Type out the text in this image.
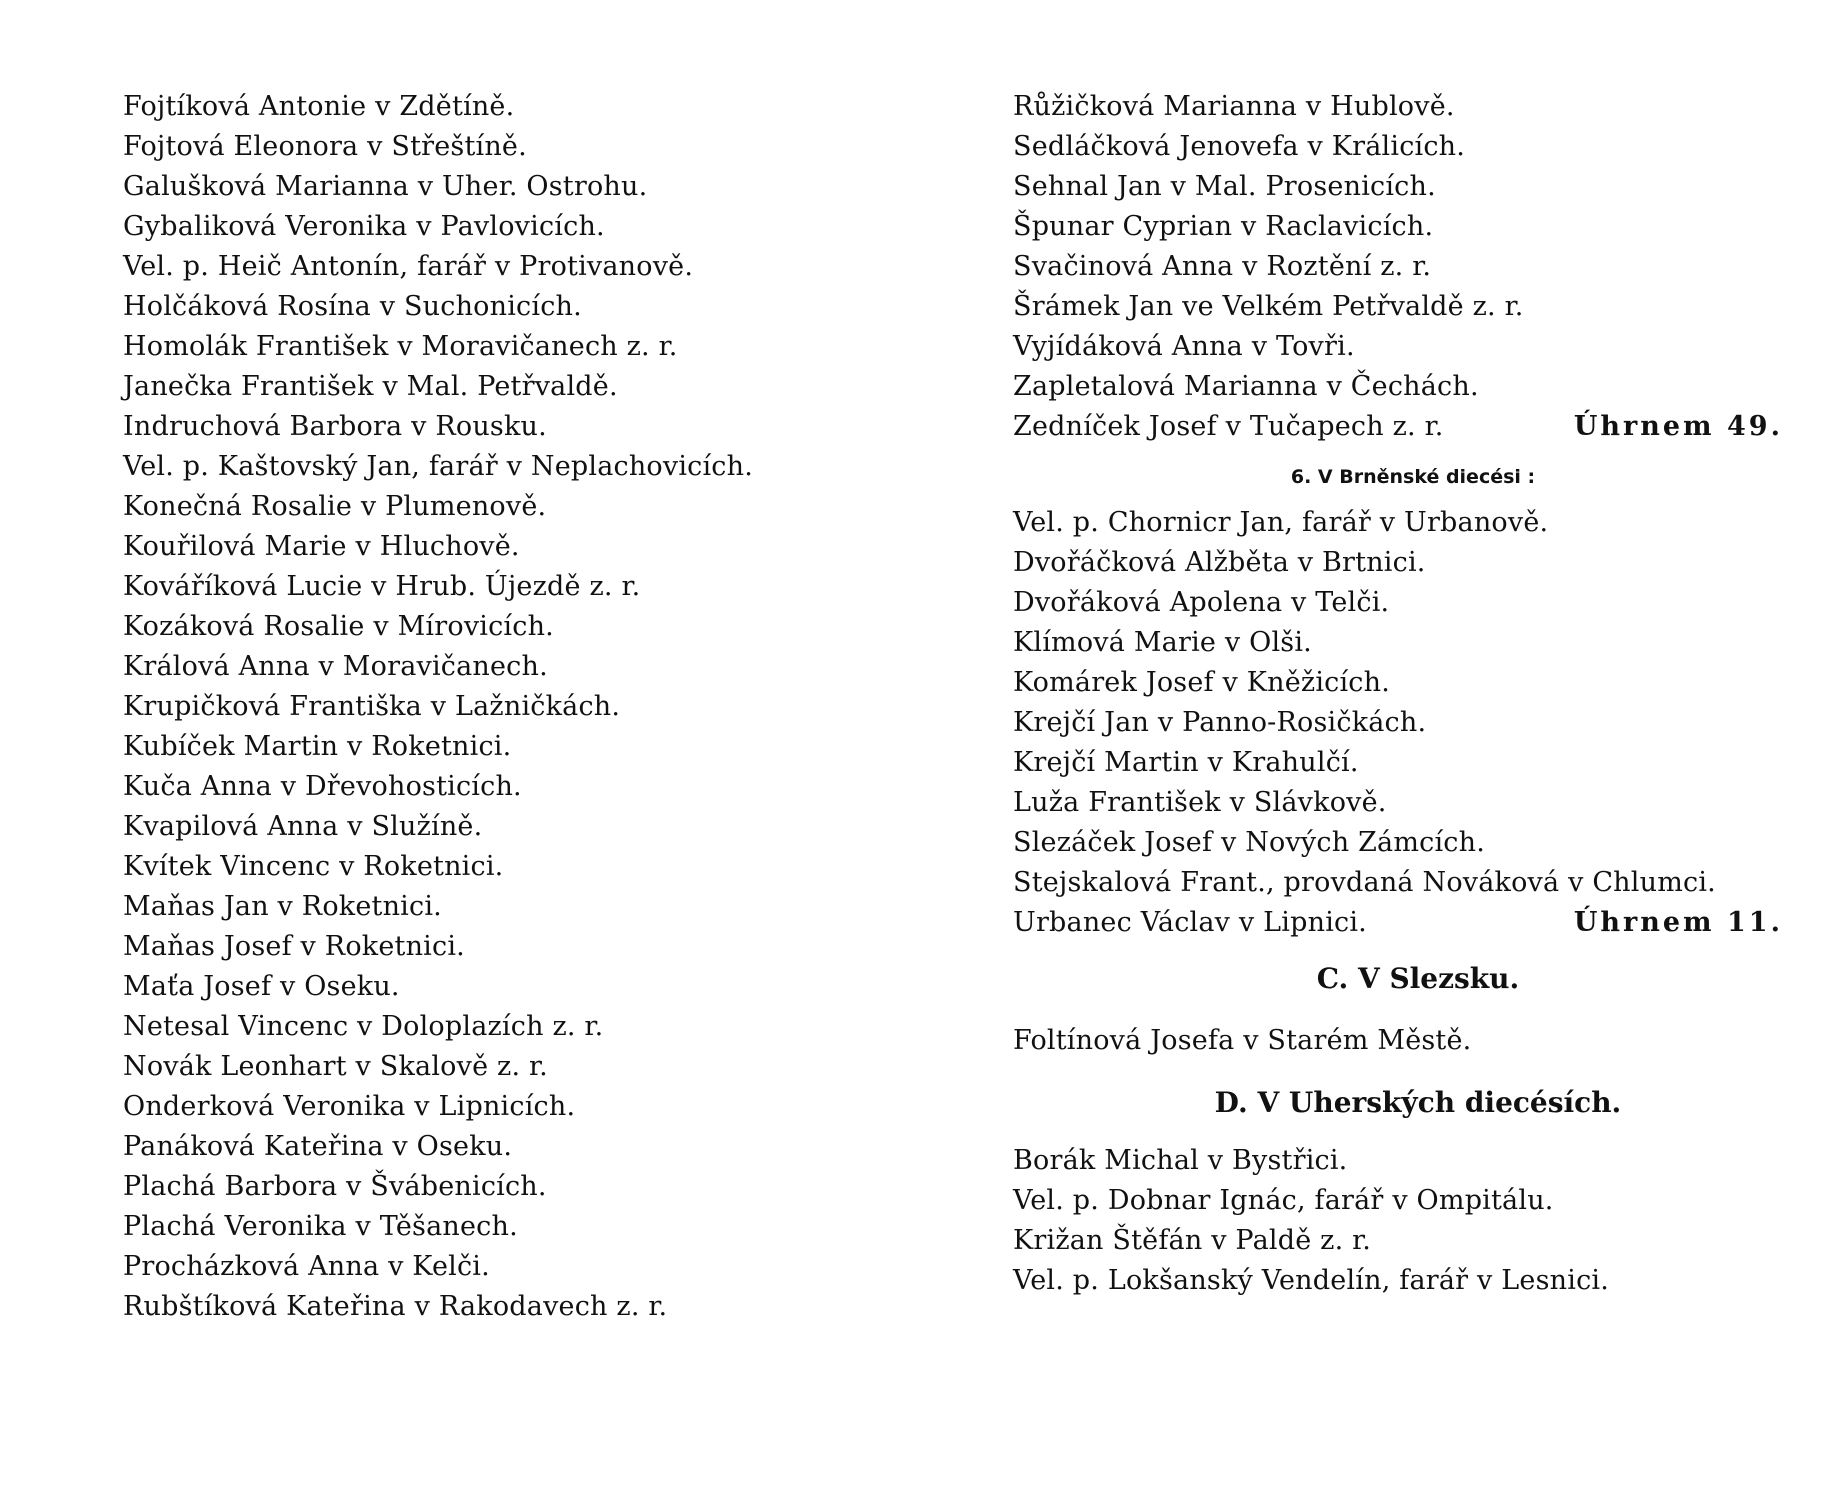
Fojtíková Antonie v Zdětíně.
Fojtová Eleonora v Střeštíně.
Galušková Marianna v Uher. Ostrohu.
Gybaliková Veronika v Pavlovicích.
Vel. p. Heič Antonín, farář v Protivanově.
Holčáková Rosína v Suchonicích.
Homolák František v Moravičanech z. r.
Janečka František v Mal. Petřvaldě.
Indruchová Barbora v Rousku.
Vel. p. Kaštovský Jan, farář v Neplachovicích.
Konečná Rosalie v Plumenově.
Kouřilová Marie v Hluchově.
Kováříková Lucie v Hrub. Újezdě z. r.
Kozáková Rosalie v Mírovicích.
Králová Anna v Moravičanech.
Krupičková Františka v Lažničkách.
Kubíček Martin v Roketnici.
Kuča Anna v Dřevohosticích.
Kvapilová Anna v Služíně.
Kvítek Vincenc v Roketnici.
Maňas Jan v Roketnici.
Maňas Josef v Roketnici.
Maťa Josef v Oseku.
Netesal Vincenc v Doloplazích z. r.
Novák Leonhart v Skalově z. r.
Onderková Veronika v Lipnicích.
Panáková Kateřina v Oseku.
Plachá Barbora v Švábenicích.
Plachá Veronika v Těšanech.
Procházková Anna v Kelči.
Rubštíková Kateřina v Rakodavech z. r.
Růžičková Marianna v Hublově.
Sedláčková Jenovefa v Králicích.
Sehnal Jan v Mal. Prosenicích.
Špunar Cyprian v Raclavicích.
Svačinová Anna v Roztění z. r.
Šrámek Jan ve Velkém Petřvaldě z. r.
Vyjídáková Anna v Tovři.
Zapletalová Marianna v Čechách.
Zedníček Josef v Tučapech z. r.	Úhrnem 49.
6. V Brněnské diecési :
Vel. p. Chornicr Jan, farář v Urbanově.
Dvořáčková Alžběta v Brtnici.
Dvořáková Apolena v Telči.
Klímová Marie v Olši.
Komárek Josef v Kněžicích.
Krejčí Jan v Panno-Rosičkách.
Krejčí Martin v Krahulčí.
Luža František v Slávkově.
Slezáček Josef v Nových Zámcích.
Stejskalová Frant., provdaná Nováková v Chlumci.
Urbanec Václav v Lipnici.	Úhrnem 11.
C. V Slezsku.
Foltínová Josefa v Starém Městě.
D. V Uherských diecésích.
Borák Michal v Bystřici.
Vel. p. Dobnar Ignác, farář v Ompitálu.
Križan Štěfán v Paldě z. r.
Vel. p. Lokšanský Vendelín, farář v Lesnici.
